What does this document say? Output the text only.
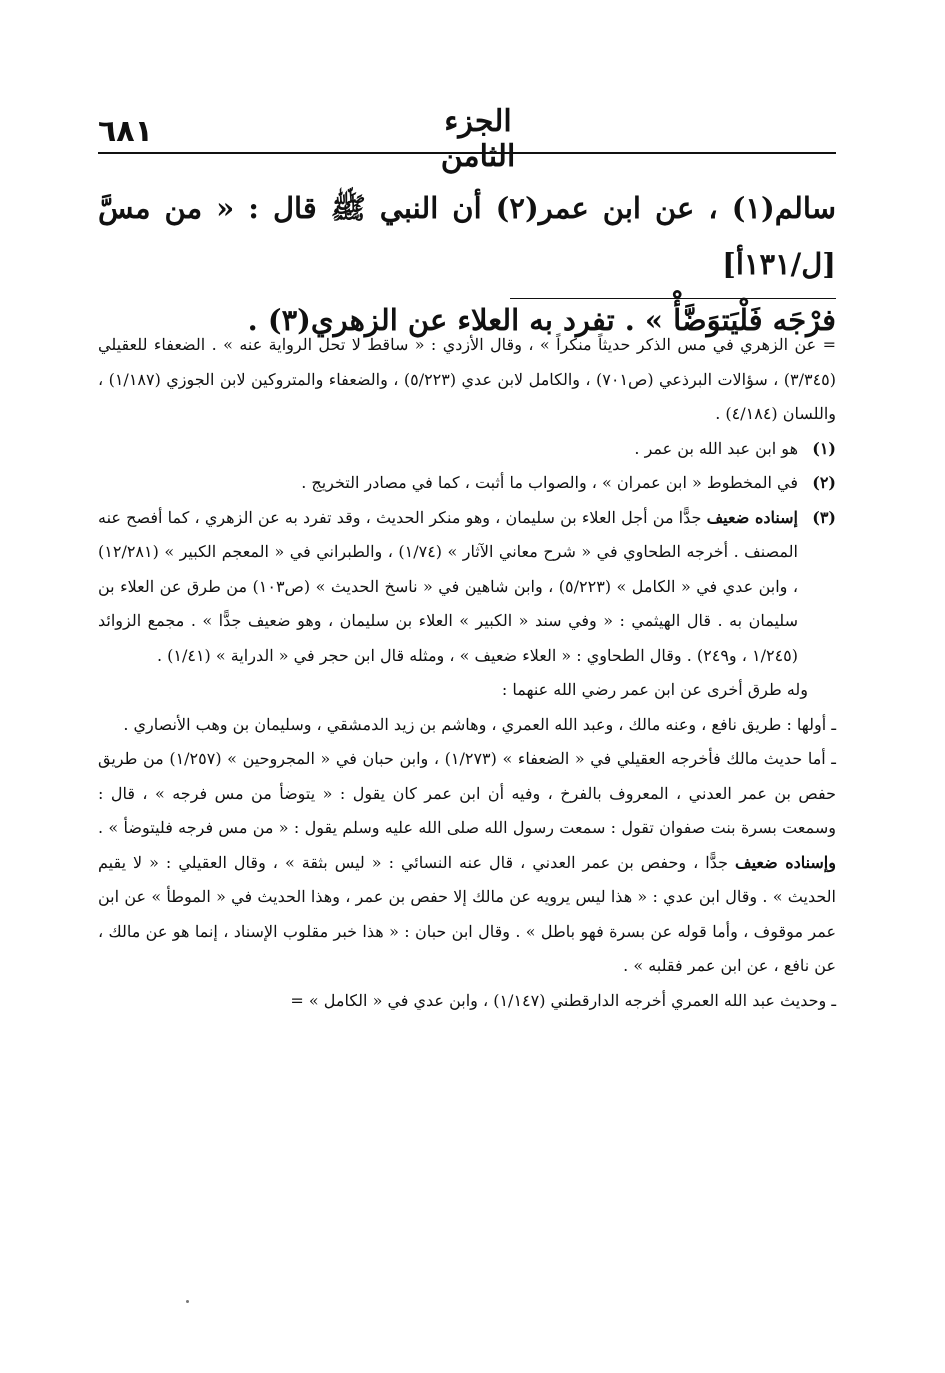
٦٨١	الجزء الثامن

سالم(١) ، عن ابن عمر(٢) أن النبي ﷺ قال : « من مسَّ [ل/١٣١أ]

فرْجَه فَلْيَتوَضَّأْ » . تفرد به العلاء عن الزهري(٣) .

= عن الزهري في مس الذكر حديثاً منكراً » ، وقال الأزدي : « ساقط لا تحل الرواية عنه » . الضعفاء للعقيلي (٣/٣٤٥) ، سؤالات البرذعي (ص٧٠١) ، والكامل لابن عدي (٥/٢٢٣) ، والضعفاء والمتروكين لابن الجوزي (١/١٨٧) ، واللسان (٤/١٨٤) .

(١)
هو ابن عبد الله بن عمر .
(٢)
في المخطوط « ابن عمران » ، والصواب ما أثبت ، كما في مصادر التخريج .
(٣)
إسناده ضعيف جدًّا من أجل العلاء بن سليمان ، وهو منكر الحديث ، وقد تفرد به عن الزهري ، كما أفصح عنه المصنف . أخرجه الطحاوي في « شرح معاني الآثار » (١/٧٤) ، والطبراني في « المعجم الكبير » (١٢/٢٨١) ، وابن عدي في « الكامل » (٥/٢٢٣) ، وابن شاهين في « ناسخ الحديث » (ص١٠٣) من طرق عن العلاء بن سليمان به . قال الهيثمي : « وفي سند « الكبير » العلاء بن سليمان ، وهو ضعيف جدًّا » . مجمع الزوائد (١/٢٤٥ ، و٢٤٩) . وقال الطحاوي : « العلاء ضعيف » ، ومثله قال ابن حجر في « الدراية » (١/٤١) .

وله طرق أخرى عن ابن عمر رضي الله عنهما :

ـ أولها : طريق نافع ، وعنه مالك ، وعبد الله العمري ، وهاشم بن زيد الدمشقي ، وسليمان بن وهب الأنصاري .

ـ أما حديث مالك فأخرجه العقيلي في « الضعفاء » (١/٢٧٣) ، وابن حبان في « المجروحين » (١/٢٥٧) من طريق حفص بن عمر العدني ، المعروف بالفرخ ، وفيه أن ابن عمر كان يقول : « يتوضأ من مس فرجه » ، قال : وسمعت بسرة بنت صفوان تقول : سمعت رسول الله صلى الله عليه وسلم يقول : « من مس فرجه فليتوضأ » . وإسناده ضعيف جدًّا ، وحفص بن عمر العدني ، قال عنه النسائي : « ليس بثقة » ، وقال العقيلي : « لا يقيم الحديث » . وقال ابن عدي : « هذا ليس يرويه عن مالك إلا حفص بن عمر ، وهذا الحديث في « الموطأ » عن ابن عمر موقوف ، وأما قوله عن بسرة فهو باطل » . وقال ابن حبان : « هذا خبر مقلوب الإسناد ، إنما هو عن مالك ، عن نافع ، عن ابن عمر فقلبه » .

ـ وحديث عبد الله العمري أخرجه الدارقطني (١/١٤٧) ، وابن عدي في « الكامل » =
